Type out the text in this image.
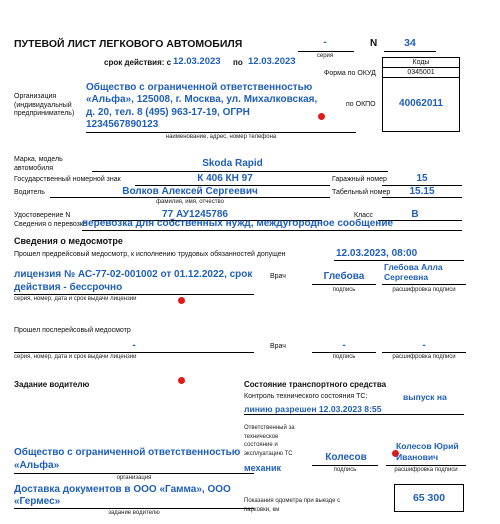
ПУТЕВОЙ ЛИСТ ЛЕГКОВОГО АВТОМОБИЛЯ	-
серия
N	34
срок действия: с 12.03.2023 по 12.03.2023	Коды
Форма по ОКУД	0345001
по ОКПО	40062011
Организация (индивидуальный предприниматель)
Общество с ограниченной ответственностью «Альфа», 125008, г. Москва, ул. Михалковская, д. 20, тел. 8 (495) 963-17-19, ОГРН 1234567890123
наименование, адрес, номер телефона
Марка, модель автомобиля	Skoda Rapid
Государственный номерной знак	К 406 КН 97	Гаражный номер	15
Водитель	Волков Алексей Сергеевич
фамилия, имя, отчество
Табельный номер	15.15
Удостоверение N	77 АУ1245786	Класс	В
Сведения о перевозке
перевозка для собственных нужд, междугородное сообщение
Сведения о медосмотре
Прошел предрейсовый медосмотр, к исполнению трудовых обязанностей допущен	12.03.2023, 08:00
лицензия № АС-77-02-001002 от 01.12.2022, срок действия - бессрочно
серия, номер, дата и срок выдачи лицензии
Врач	Глебова
подпись
Глебова Алла Сергеевна
расшифровка подписи
Прошел послерейсовый медосмотр
-
серия, номер, дата и срок выдачи лицензии
Врач	-
подпись
-
расшифровка подписи
Задание водителю
Общество с ограниченной ответственностью «Альфа»
организация
Доставка документов в ООО «Гамма», ООО «Гермес»
задание водителю
Состояние транспортного средства
Контроль технического состояния ТС:	выпуск на линию разрешен 12.03.2023 8:55
Ответственный за техническое состояние и эксплуатацию ТС
механик
Колесов
подпись
Колесов Юрий Иванович
расшифровка подписи
Показания одометра при выезде с парковки, км
65 300
